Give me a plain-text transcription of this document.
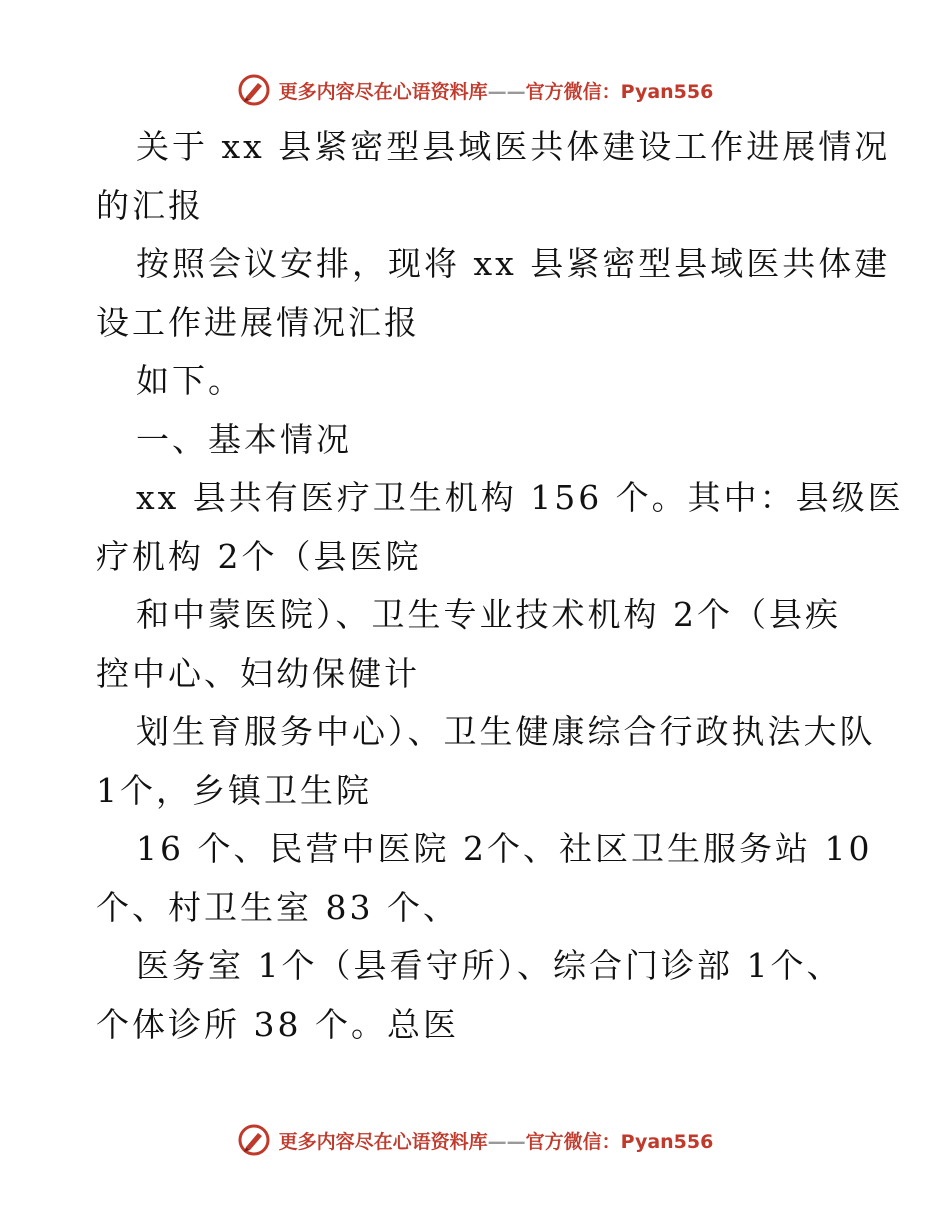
更多内容尽在心语资料库——官方微信：Pyan556
关于 xx 县紧密型县域医共体建设工作进展情况
的汇报
按照会议安排，现将 xx 县紧密型县域医共体建
设工作进展情况汇报
如下。
一、基本情况
xx 县共有医疗卫生机构 156 个。其中：县级医
疗机构 2个（县医院
和中蒙医院）、卫生专业技术机构 2个（县疾
控中心、妇幼保健计
划生育服务中心）、卫生健康综合行政执法大队
1个，乡镇卫生院
16 个、民营中医院 2个、社区卫生服务站 10
个、村卫生室 83 个、
医务室 1个（县看守所）、综合门诊部 1个、
个体诊所 38 个。总医
更多内容尽在心语资料库——官方微信：Pyan556
